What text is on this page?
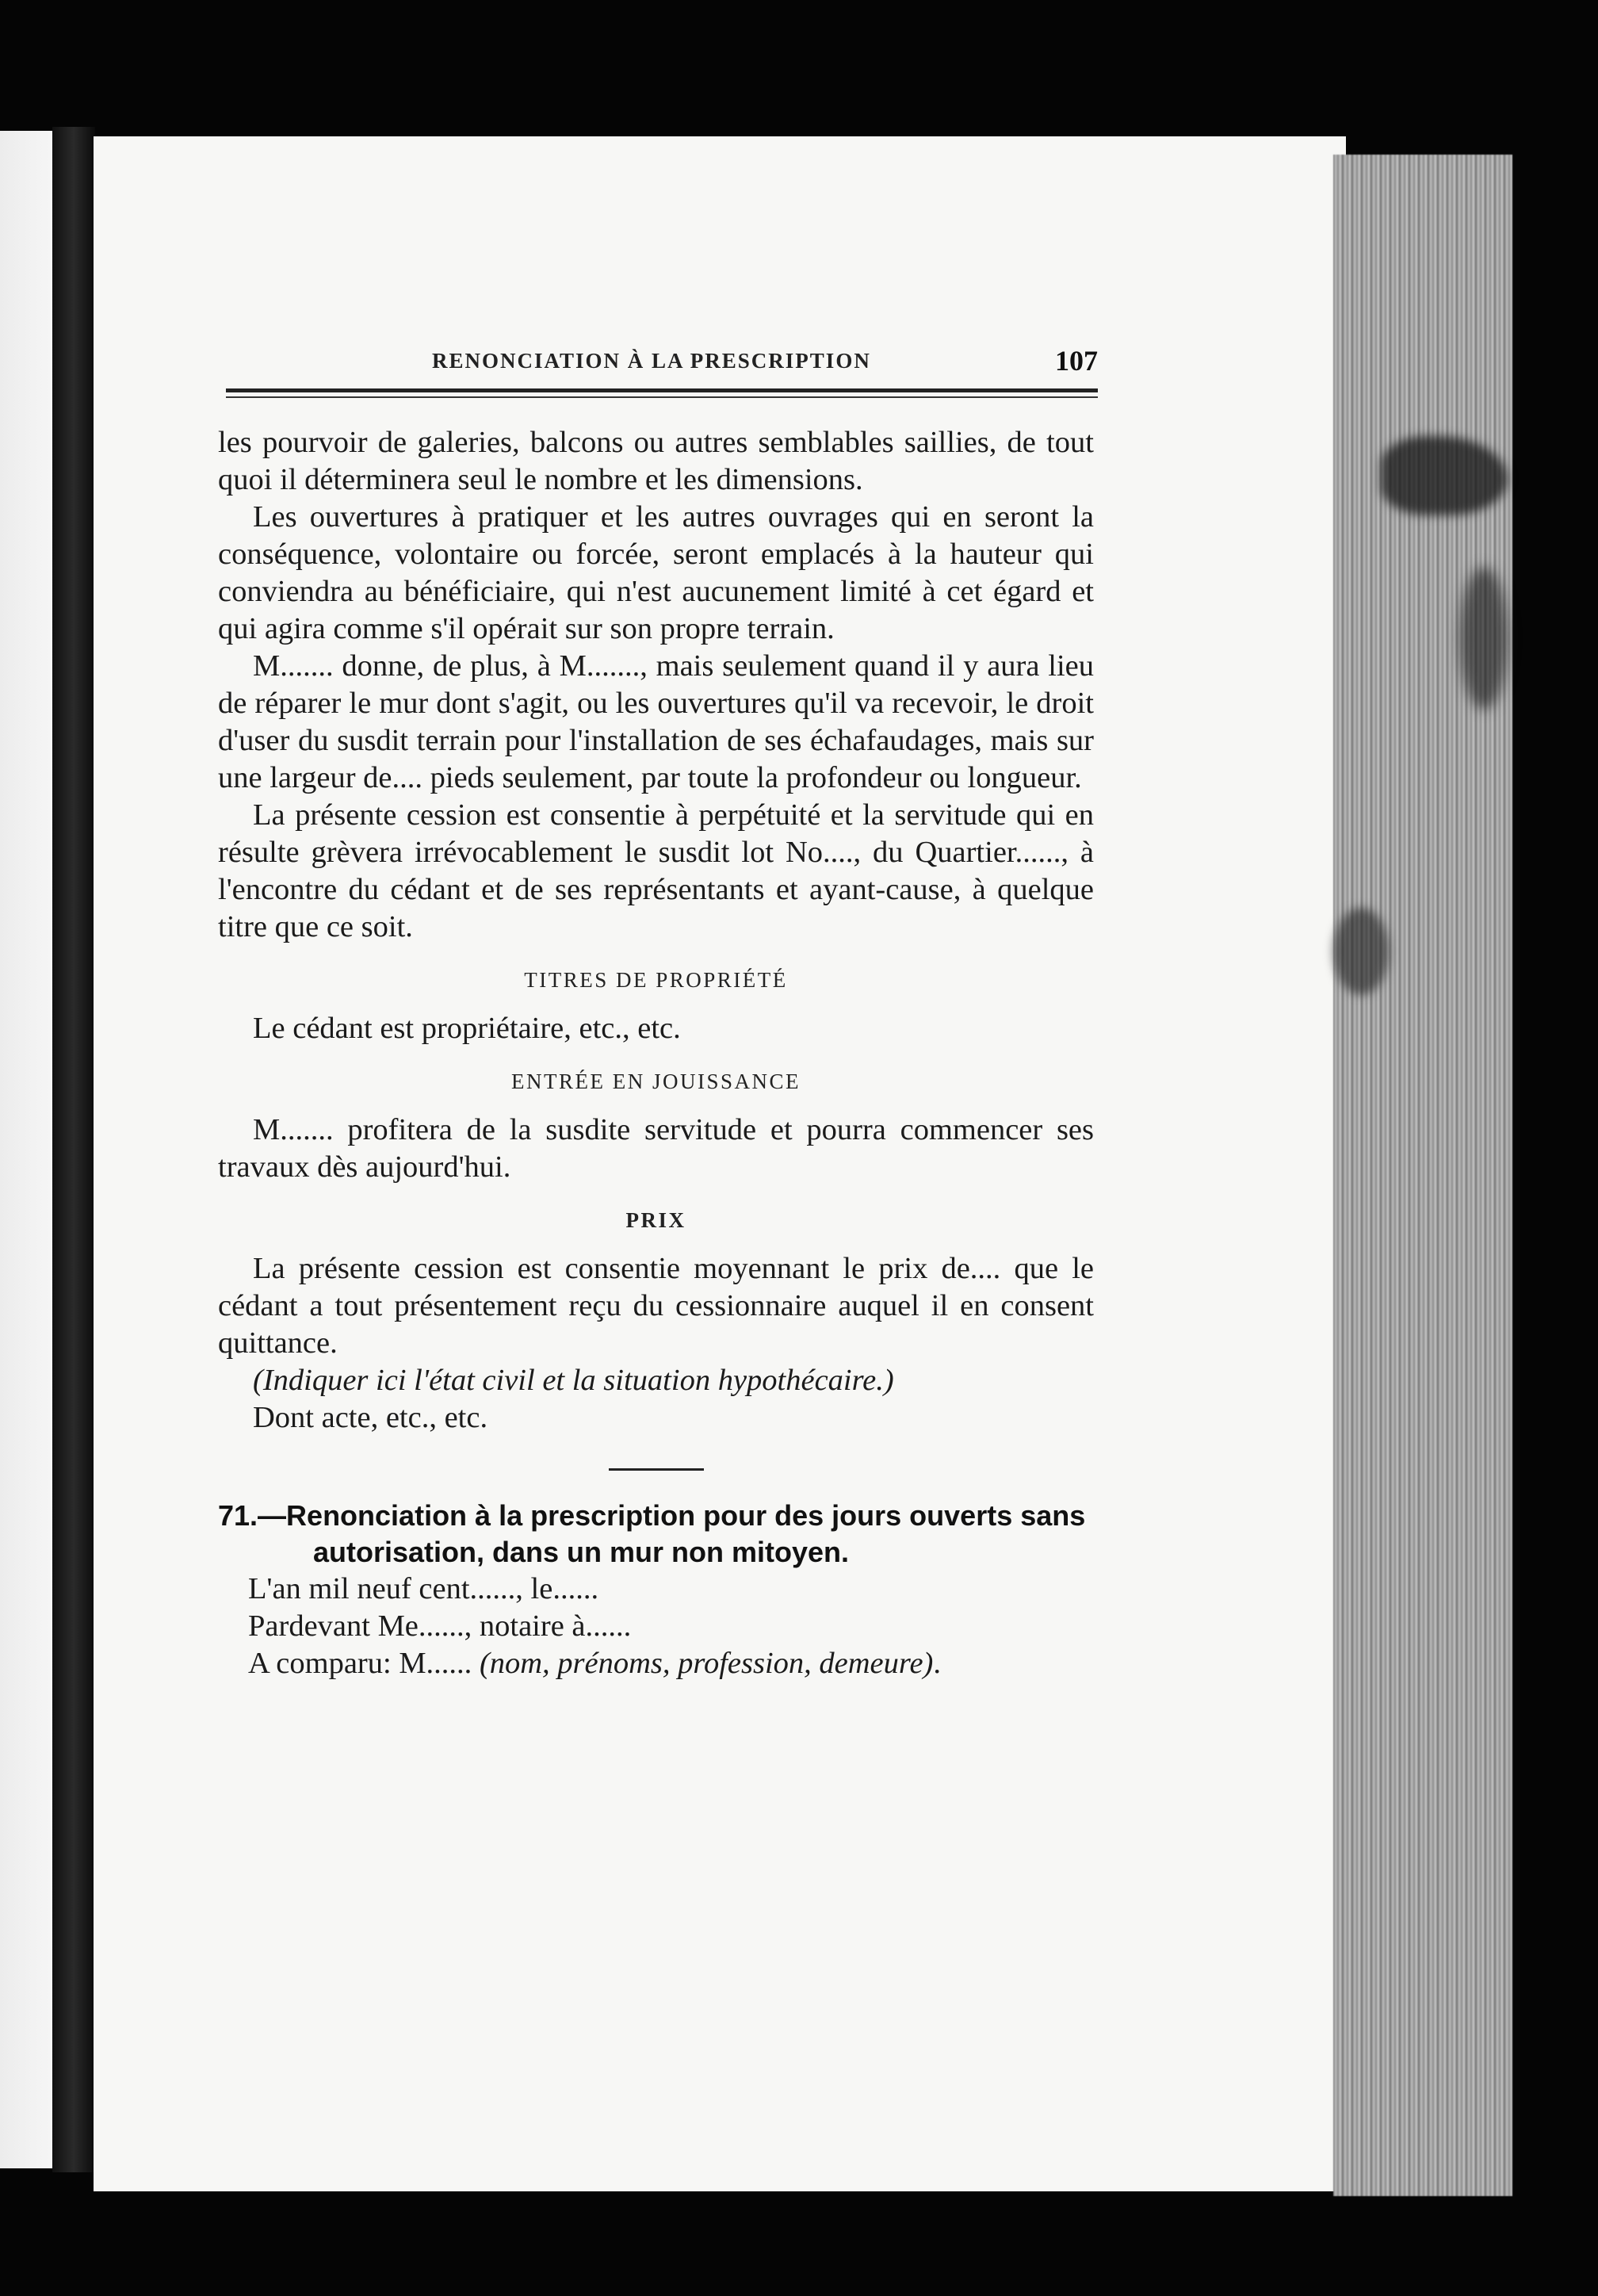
RENONCIATION À LA PRESCRIPTION	107

les pourvoir de galeries, balcons ou autres semblables saillies, de tout quoi il déterminera seul le nombre et les dimensions.

Les ouvertures à pratiquer et les autres ouvrages qui en seront la conséquence, volontaire ou forcée, seront emplacés à la hauteur qui conviendra au bénéficiaire, qui n'est aucunement limité à cet égard et qui agira comme s'il opérait sur son propre terrain.

M....... donne, de plus, à M......., mais seulement quand il y aura lieu de réparer le mur dont s'agit, ou les ouvertures qu'il va recevoir, le droit d'user du susdit terrain pour l'installation de ses échafaudages, mais sur une largeur de.... pieds seulement, par toute la profondeur ou longueur.

La présente cession est consentie à perpétuité et la servitude qui en résulte grèvera irrévocablement le susdit lot No...., du Quartier......, à l'encontre du cédant et de ses représentants et ayant-cause, à quelque titre que ce soit.

TITRES DE PROPRIÉTÉ

Le cédant est propriétaire, etc., etc.

ENTRÉE EN JOUISSANCE

M....... profitera de la susdite servitude et pourra commencer ses travaux dès aujourd'hui.

PRIX

La présente cession est consentie moyennant le prix de.... que le cédant a tout présentement reçu du cessionnaire auquel il en consent quittance.

(Indiquer ici l'état civil et la situation hypothécaire.)

Dont acte, etc., etc.

71.—Renonciation à la prescription pour des jours ouverts sans autorisation, dans un mur non mitoyen.

L'an mil neuf cent......, le......

Pardevant Me......, notaire à......

A comparu: M...... (nom, prénoms, profession, demeure).
